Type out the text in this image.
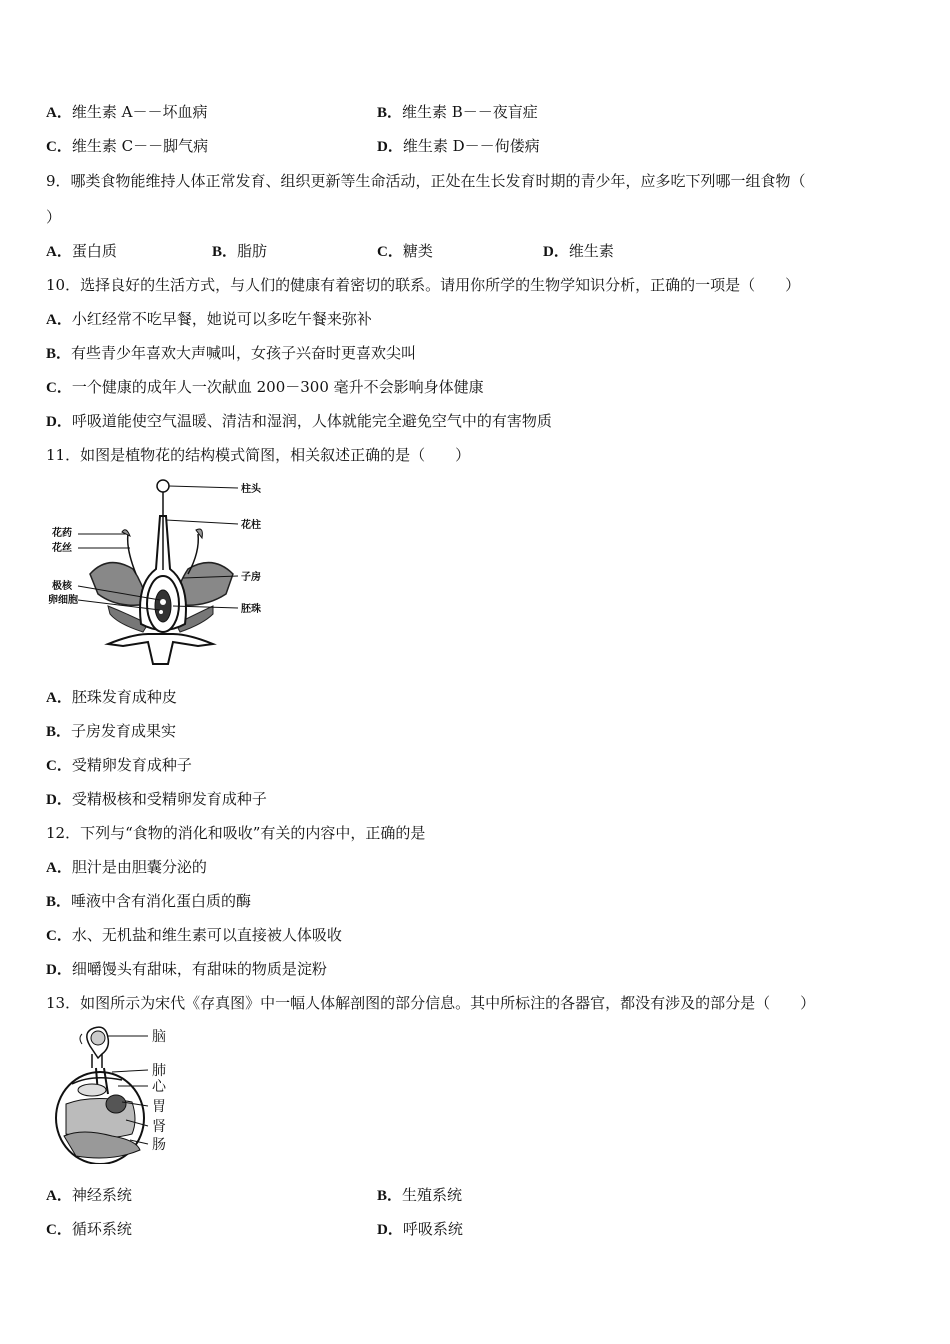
A．维生素 A－－坏血病	B．维生素 B－－夜盲症
C．维生素 C－－脚气病	D．维生素 D－－佝偻病
9．哪类食物能维持人体正常发育、组织更新等生命活动，正处在生长发育时期的青少年，应多吃下列哪一组食物（
）
A．蛋白质	B．脂肪	C．糖类	D．维生素
10．选择良好的生活方式，与人们的健康有着密切的联系。请用你所学的生物学知识分析，正确的一项是（　　）
A．小红经常不吃早餐，她说可以多吃午餐来弥补
B．有些青少年喜欢大声喊叫，女孩子兴奋时更喜欢尖叫
C．一个健康的成年人一次献血 200－300 毫升不会影响身体健康
D．呼吸道能使空气温暖、清洁和湿润，人体就能完全避免空气中的有害物质
11．如图是植物花的结构模式简图，相关叙述正确的是（　　）
柱头
花柱
花药
花丝
子房
极核
卵细胞
胚珠
A．胚珠发育成种皮
B．子房发育成果实
C．受精卵发育成种子
D．受精极核和受精卵发育成种子
12．下列与“食物的消化和吸收”有关的内容中，正确的是
A．胆汁是由胆囊分泌的
B．唾液中含有消化蛋白质的酶
C．水、无机盐和维生素可以直接被人体吸收
D．细嚼馒头有甜味，有甜味的物质是淀粉
13．如图所示为宋代《存真图》中一幅人体解剖图的部分信息。其中所标注的各器官，都没有涉及的部分是（　　）
脑
肺
心
胃
肾
肠
A．神经系统	B．生殖系统
C．循环系统	D．呼吸系统
